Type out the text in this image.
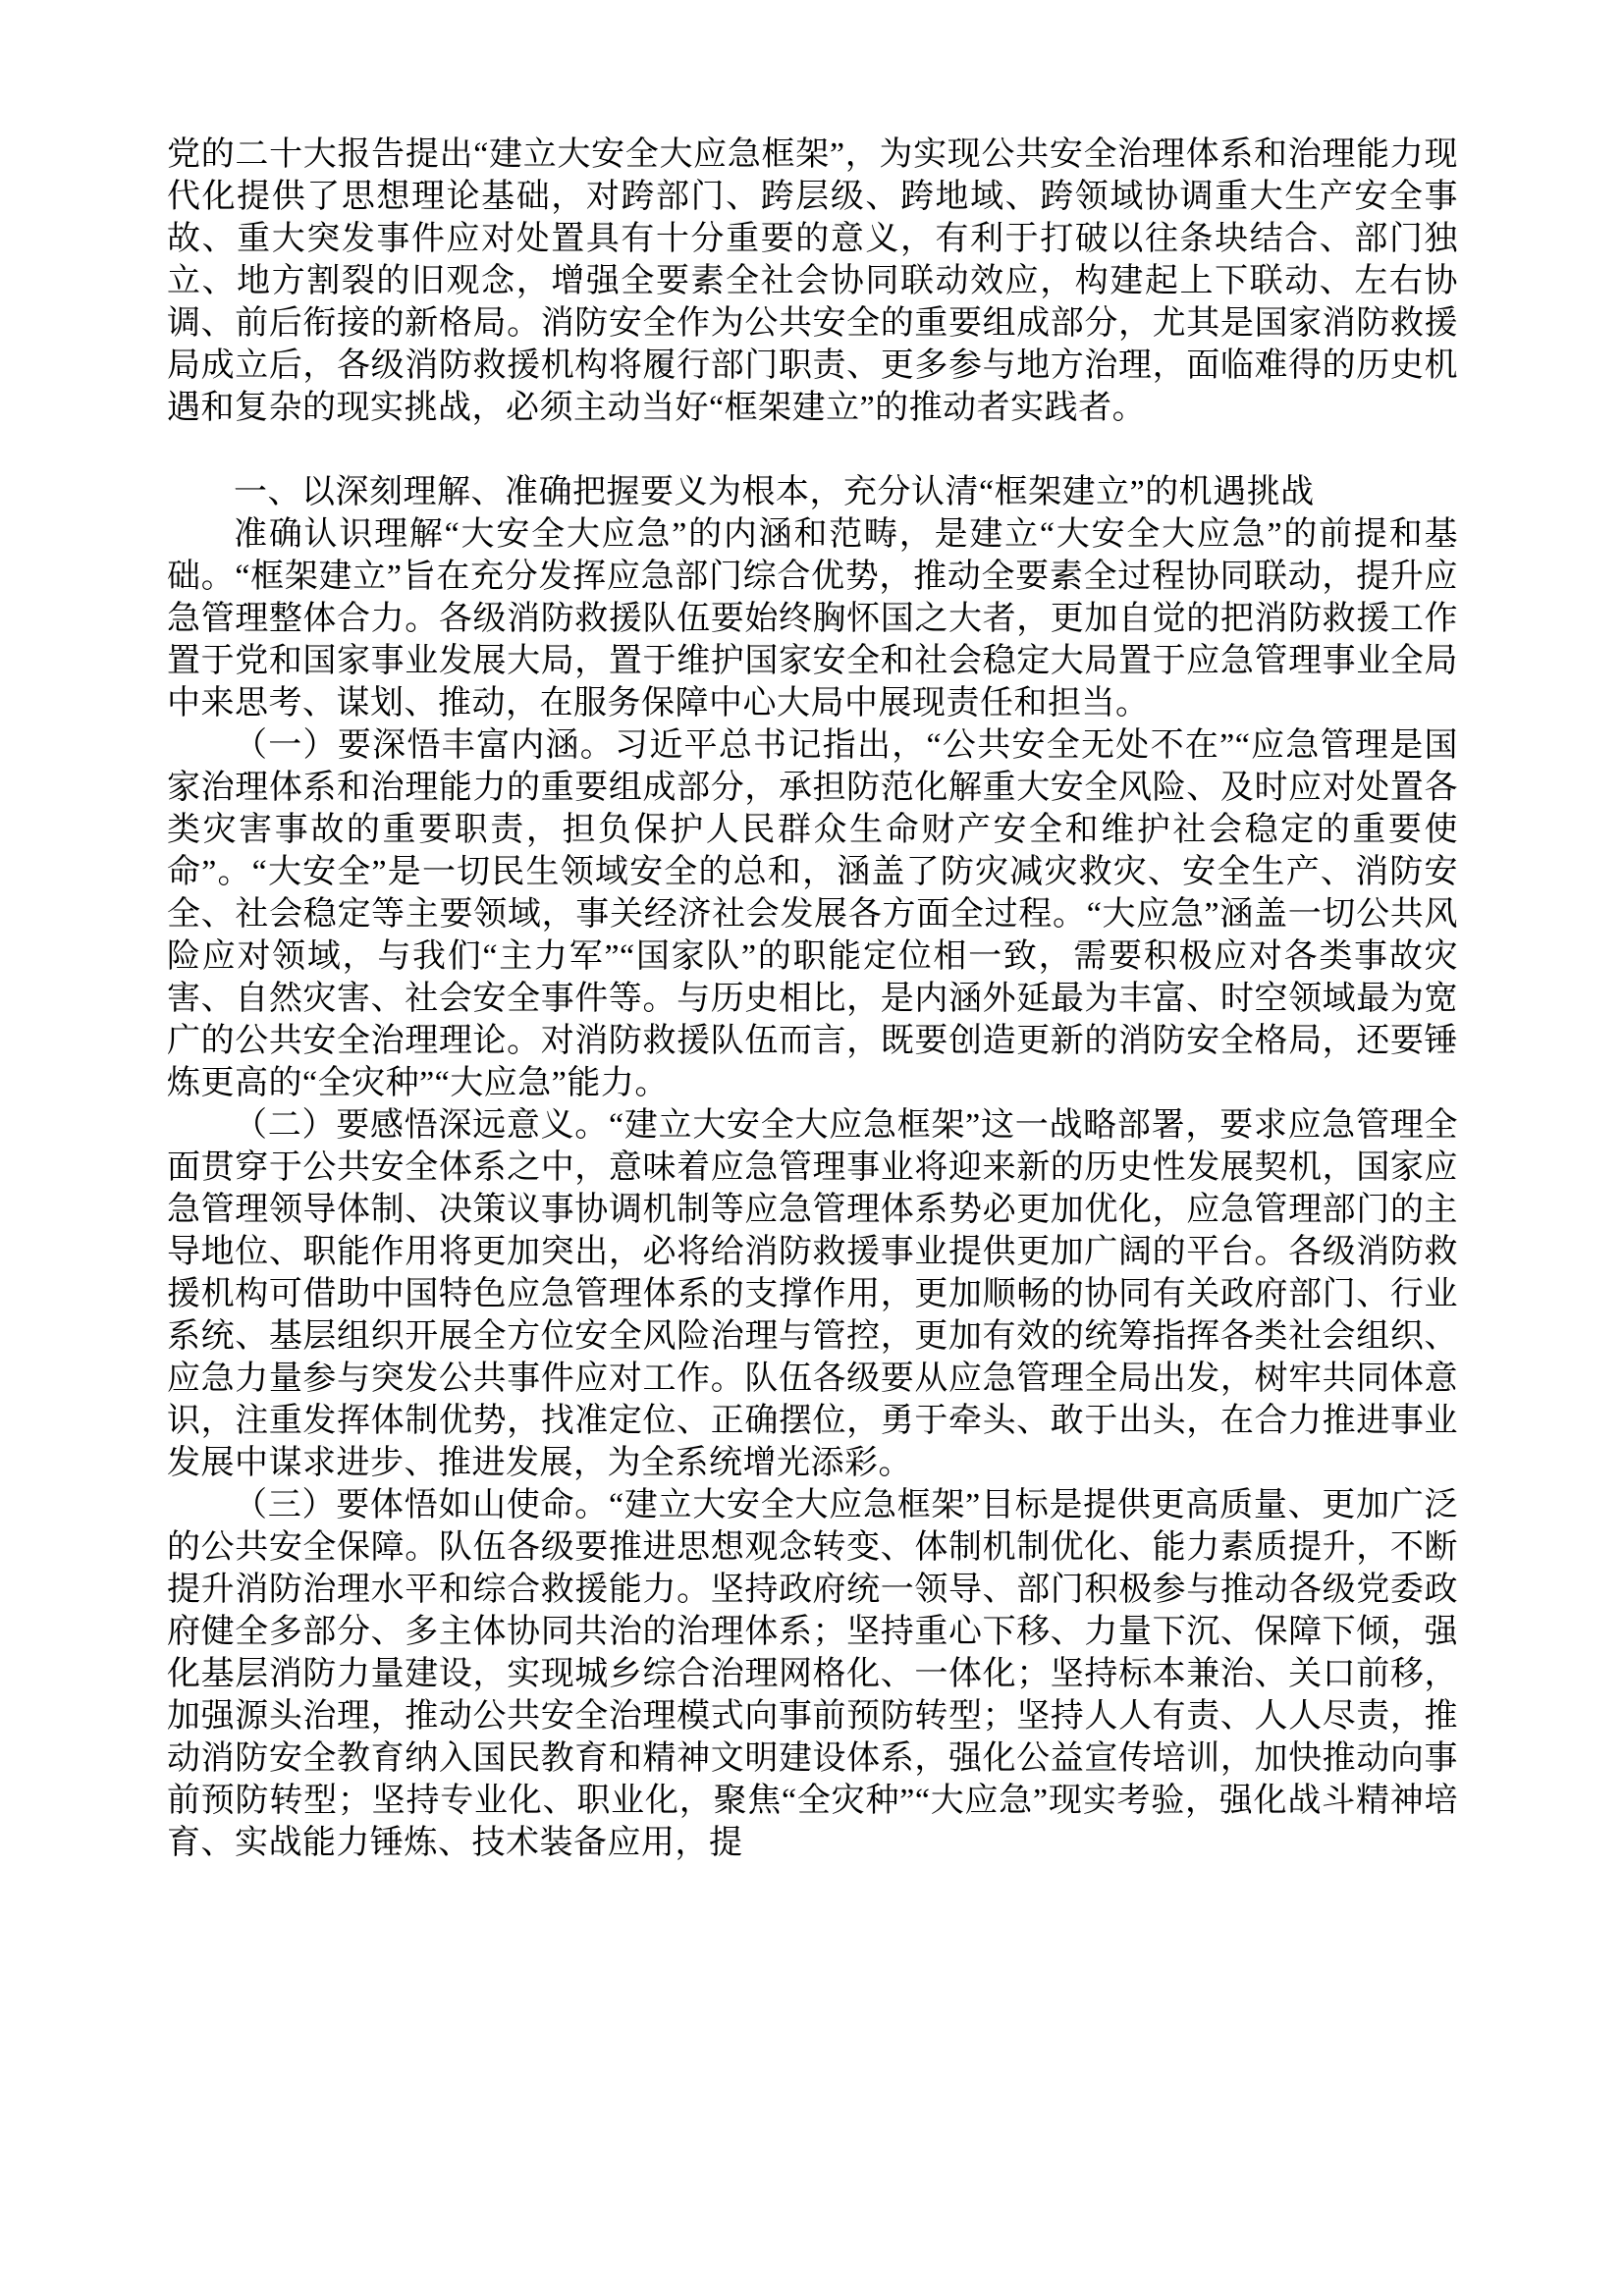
党的二十大报告提出“建立大安全大应急框架”，为实现公共安全治理体系和治理能力现代化提供了思想理论基础，对跨部门、跨层级、跨地域、跨领域协调重大生产安全事故、重大突发事件应对处置具有十分重要的意义，有利于打破以往条块结合、部门独立、地方割裂的旧观念，增强全要素全社会协同联动效应，构建起上下联动、左右协调、前后衔接的新格局。消防安全作为公共安全的重要组成部分，尤其是国家消防救援局成立后，各级消防救援机构将履行部门职责、更多参与地方治理，面临难得的历史机遇和复杂的现实挑战，必须主动当好“框架建立”的推动者实践者。

一、以深刻理解、准确把握要义为根本，充分认清“框架建立”的机遇挑战

准确认识理解“大安全大应急”的内涵和范畴，是建立“大安全大应急”的前提和基础。“框架建立”旨在充分发挥应急部门综合优势，推动全要素全过程协同联动，提升应急管理整体合力。各级消防救援队伍要始终胸怀国之大者，更加自觉的把消防救援工作置于党和国家事业发展大局，置于维护国家安全和社会稳定大局置于应急管理事业全局中来思考、谋划、推动，在服务保障中心大局中展现责任和担当。

（一）要深悟丰富内涵。习近平总书记指出，“公共安全无处不在”“应急管理是国家治理体系和治理能力的重要组成部分，承担防范化解重大安全风险、及时应对处置各类灾害事故的重要职责，担负保护人民群众生命财产安全和维护社会稳定的重要使命”。“大安全”是一切民生领域安全的总和，涵盖了防灾减灾救灾、安全生产、消防安全、社会稳定等主要领域，事关经济社会发展各方面全过程。“大应急”涵盖一切公共风险应对领域，与我们“主力军”“国家队”的职能定位相一致，需要积极应对各类事故灾害、自然灾害、社会安全事件等。与历史相比，是内涵外延最为丰富、时空领域最为宽广的公共安全治理理论。对消防救援队伍而言，既要创造更新的消防安全格局，还要锤炼更高的“全灾种”“大应急”能力。

（二）要感悟深远意义。“建立大安全大应急框架”这一战略部署，要求应急管理全面贯穿于公共安全体系之中，意味着应急管理事业将迎来新的历史性发展契机，国家应急管理领导体制、决策议事协调机制等应急管理体系势必更加优化，应急管理部门的主导地位、职能作用将更加突出，必将给消防救援事业提供更加广阔的平台。各级消防救援机构可借助中国特色应急管理体系的支撑作用，更加顺畅的协同有关政府部门、行业系统、基层组织开展全方位安全风险治理与管控，更加有效的统筹指挥各类社会组织、应急力量参与突发公共事件应对工作。队伍各级要从应急管理全局出发，树牢共同体意识，注重发挥体制优势，找准定位、正确摆位，勇于牵头、敢于出头，在合力推进事业发展中谋求进步、推进发展，为全系统增光添彩。

（三）要体悟如山使命。“建立大安全大应急框架”目标是提供更高质量、更加广泛的公共安全保障。队伍各级要推进思想观念转变、体制机制优化、能力素质提升，不断提升消防治理水平和综合救援能力。坚持政府统一领导、部门积极参与推动各级党委政府健全多部分、多主体协同共治的治理体系；坚持重心下移、力量下沉、保障下倾，强化基层消防力量建设，实现城乡综合治理网格化、一体化；坚持标本兼治、关口前移，加强源头治理，推动公共安全治理模式向事前预防转型；坚持人人有责、人人尽责，推动消防安全教育纳入国民教育和精神文明建设体系，强化公益宣传培训，加快推动向事前预防转型；坚持专业化、职业化，聚焦“全灾种”“大应急”现实考验，强化战斗精神培育、实战能力锤炼、技术装备应用，提
